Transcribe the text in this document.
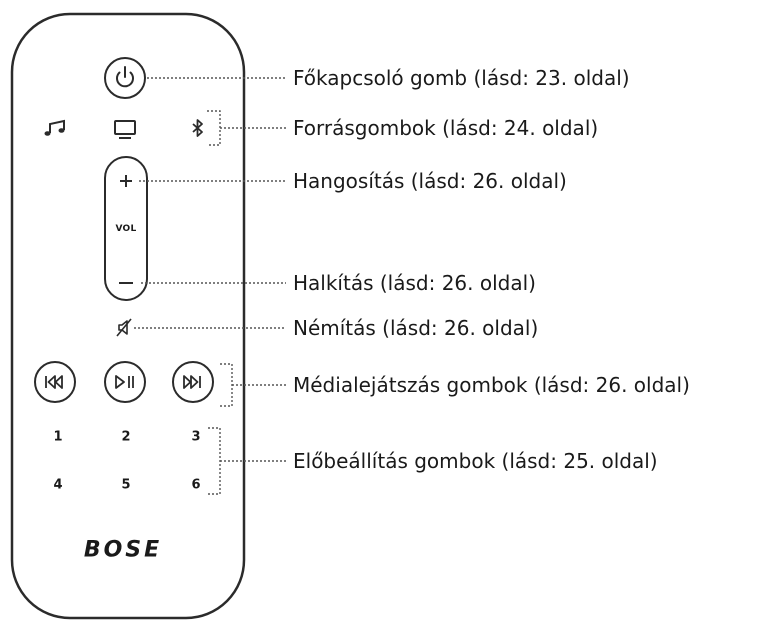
VOL
1	2	3
4	5	6
BOSE
Főkapcsoló gomb (lásd: 23. oldal)
Forrásgombok (lásd: 24. oldal)
Hangosítás (lásd: 26. oldal)
Halkítás (lásd: 26. oldal)
Némítás (lásd: 26. oldal)
Médialejátszás gombok (lásd: 26. oldal)
Előbeállítás gombok (lásd: 25. oldal)
